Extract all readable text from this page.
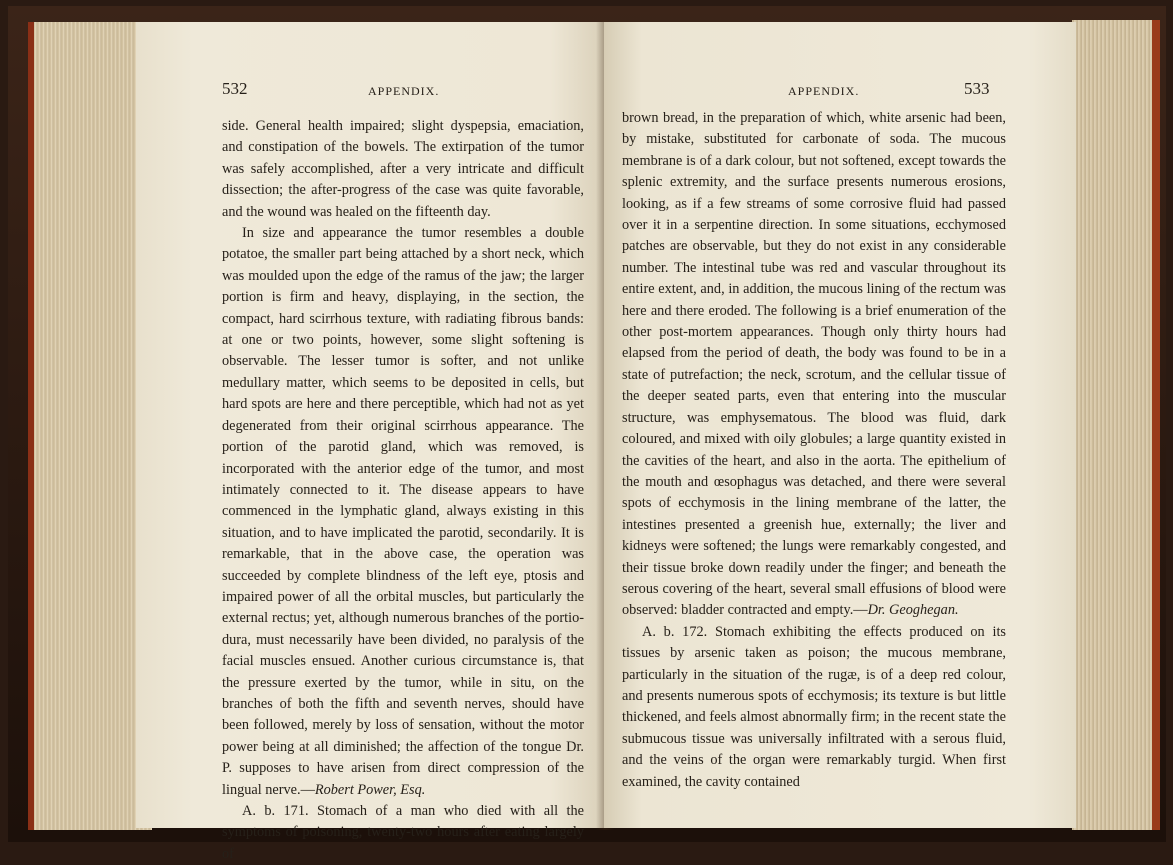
532	APPENDIX.

side. General health impaired; slight dyspepsia, emaciation, and constipation of the bowels. The extirpation of the tumor was safely accomplished, after a very intricate and difficult dissection; the after-progress of the case was quite favorable, and the wound was healed on the fifteenth day.

In size and appearance the tumor resembles a double potatoe, the smaller part being attached by a short neck, which was moulded upon the edge of the ramus of the jaw; the larger portion is firm and heavy, displaying, in the section, the compact, hard scirrhous texture, with radiating fibrous bands: at one or two points, however, some slight softening is observable. The lesser tumor is softer, and not unlike medullary matter, which seems to be deposited in cells, but hard spots are here and there perceptible, which had not as yet degenerated from their original scirrhous appearance. The portion of the parotid gland, which was removed, is incorporated with the anterior edge of the tumor, and most intimately connected to it. The disease appears to have commenced in the lymphatic gland, always existing in this situation, and to have implicated the parotid, secondarily. It is remarkable, that in the above case, the operation was succeeded by complete blindness of the left eye, ptosis and impaired power of all the orbital muscles, but particularly the external rectus; yet, although numerous branches of the portio-dura, must necessarily have been divided, no paralysis of the facial muscles ensued. Another curious circumstance is, that the pressure exerted by the tumor, while in situ, on the branches of both the fifth and seventh nerves, should have been followed, merely by loss of sensation, without the motor power being at all diminished; the affection of the tongue Dr. P. supposes to have arisen from direct compression of the lingual nerve.—Robert Power, Esq.

A. b. 171. Stomach of a man who died with all the symptoms of poisoning, twenty-two hours after eating largely of

APPENDIX.	533

brown bread, in the preparation of which, white arsenic had been, by mistake, substituted for carbonate of soda. The mucous membrane is of a dark colour, but not softened, except towards the splenic extremity, and the surface presents numerous erosions, looking, as if a few streams of some corrosive fluid had passed over it in a serpentine direction. In some situations, ecchymosed patches are observable, but they do not exist in any considerable number. The intestinal tube was red and vascular throughout its entire extent, and, in addition, the mucous lining of the rectum was here and there eroded. The following is a brief enumeration of the other post-mortem appearances. Though only thirty hours had elapsed from the period of death, the body was found to be in a state of putrefaction; the neck, scrotum, and the cellular tissue of the deeper seated parts, even that entering into the muscular structure, was emphysematous. The blood was fluid, dark coloured, and mixed with oily globules; a large quantity existed in the cavities of the heart, and also in the aorta. The epithelium of the mouth and œsophagus was detached, and there were several spots of ecchymosis in the lining membrane of the latter, the intestines presented a greenish hue, externally; the liver and kidneys were softened; the lungs were remarkably congested, and their tissue broke down readily under the finger; and beneath the serous covering of the heart, several small effusions of blood were observed: bladder contracted and empty.—Dr. Geoghegan.

A. b. 172. Stomach exhibiting the effects produced on its tissues by arsenic taken as poison; the mucous membrane, particularly in the situation of the rugæ, is of a deep red colour, and presents numerous spots of ecchymosis; its texture is but little thickened, and feels almost abnormally firm; in the recent state the submucous tissue was universally infiltrated with a serous fluid, and the veins of the organ were remarkably turgid. When first examined, the cavity contained
